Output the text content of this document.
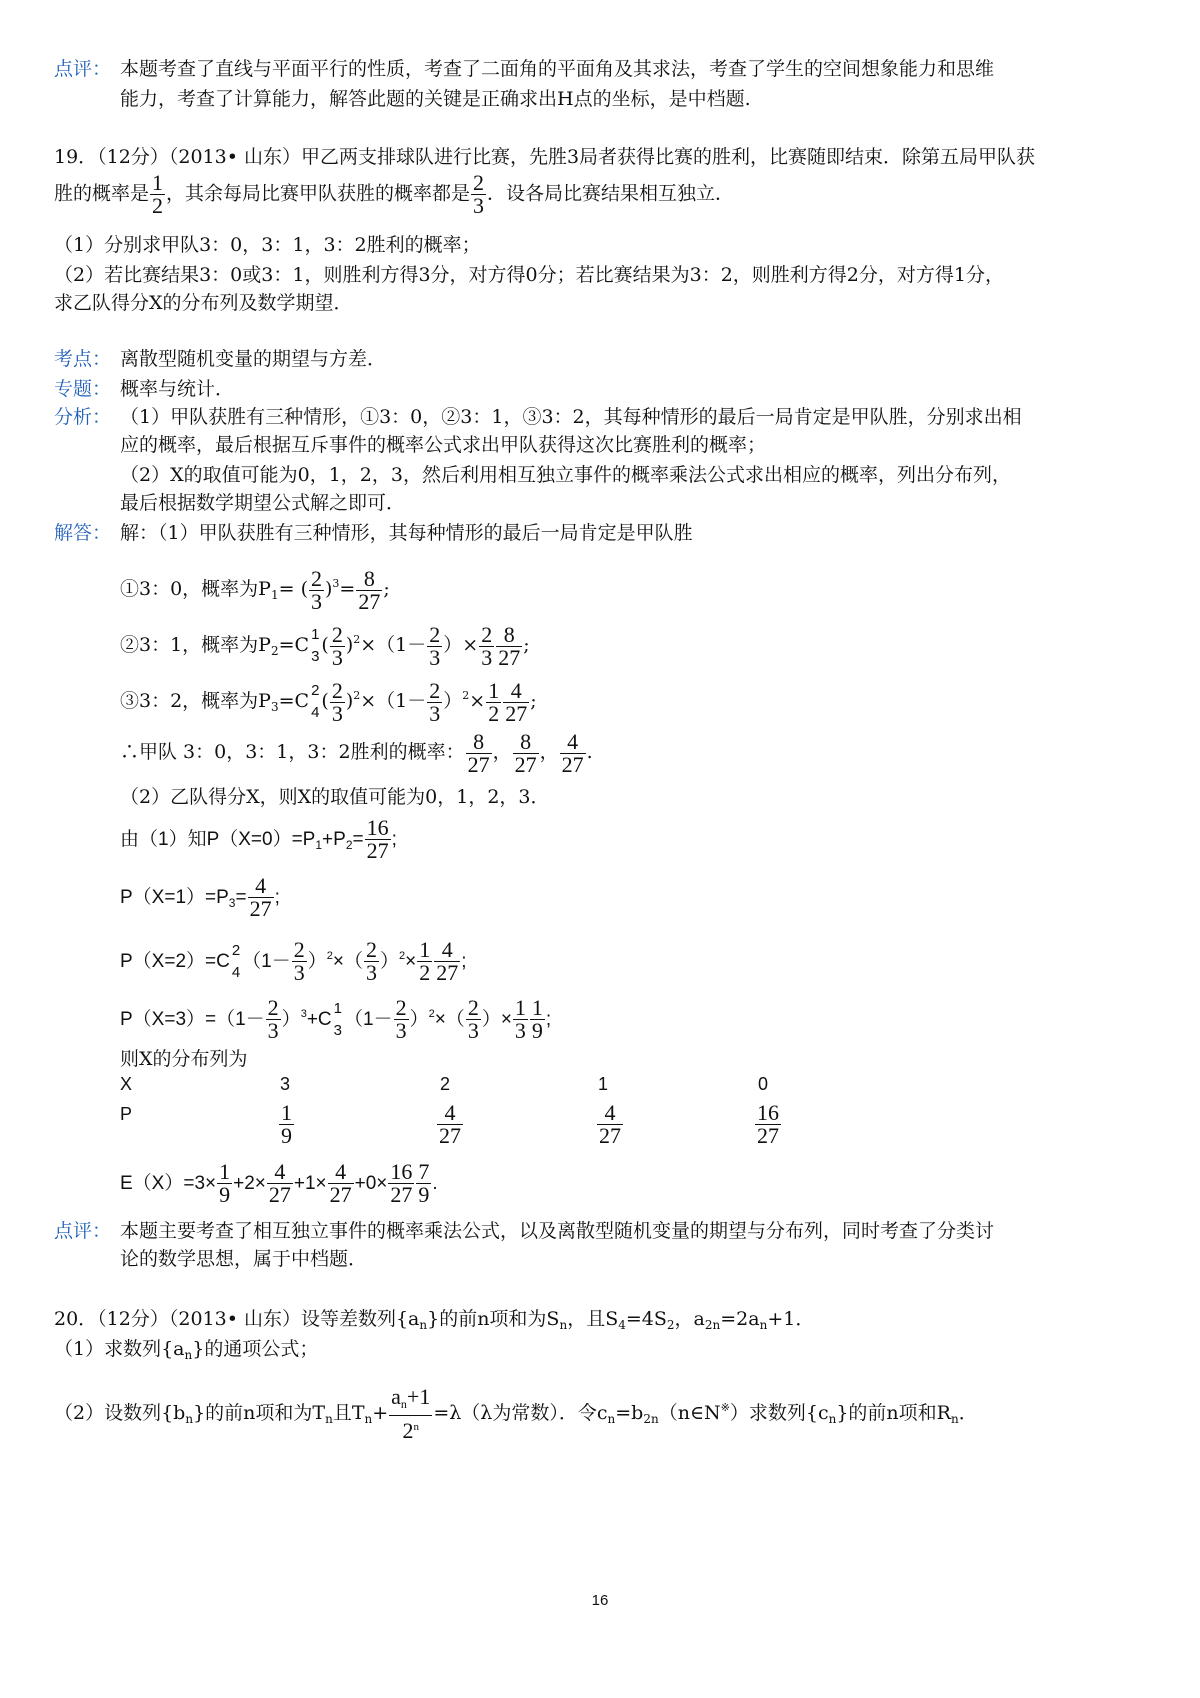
点评： 本题考查了直线与平面平行的性质，考查了二面角的平面角及其求法，考查了学生的空间想象能力和思维
能力，考查了计算能力，解答此题的关键是正确求出H点的坐标，是中档题.
19．（12分）（2013• 山东）甲乙两支排球队进行比赛，先胜3局者获得比赛的胜利，比赛随即结束．除第五局甲队获
胜的概率是 $\frac{1}{2}$ ，其余每局比赛甲队获胜的概率都是 $\frac{2}{3}$ ．设各局比赛结果相互独立．
（1）分别求甲队3：0，3：1，3：2胜利的概率；
（2）若比赛结果3：0或3：1，则胜利方得3分，对方得0分；若比赛结果为3：2，则胜利方得2分，对方得1分，
求乙队得分X的分布列及数学期望．
考点： 离散型随机变量的期望与方差．
专题： 概率与统计．
分析： （1）甲队获胜有三种情形，①3：0，②3：1，③3：2，其每种情形的最后一局肯定是甲队胜，分别求出相
应的概率，最后根据互斥事件的概率公式求出甲队获得这次比赛胜利的概率；
（2）X的取值可能为0，1，2，3，然后利用相互独立事件的概率乘法公式求出相应的概率，列出分布列，
最后根据数学期望公式解之即可．
解答： 解：（1）甲队获胜有三种情形，其每种情形的最后一局肯定是甲队胜
①3：0，概率为$P_1=$ ( $\frac{2}{3} )^3= \frac{8}{27}$ ;
②3：1，概率为$P_2=C$ 1
3
( $\frac{2}{3} )^2\times(1- \frac{2}{3}$ ）× $\frac{2}{3} \frac{8}{27}$ ;
③3：2，概率为$P_3=C$ 2
4
( $\frac{2}{3} )^2\times(1- \frac{2}{3} )^2\times \frac{1}{2} \frac{4}{27}$ ;
∴甲队 3：0，3：1，3：2胜利的概率： $\frac{8}{27}$ ， $\frac{8}{27}$ ， $\frac{4}{27}$ .
（2）乙队得分X，则X的取值可能为0，1，2，3．
由（1）知$P(X=0)=P_1+P_2= \frac{16}{27}$ ;
$P(X=1)=P_3= \frac{4}{27}$ ;
P（X=2）=C
2
4
$(1- \frac{2}{3} )^2\times( \frac{2}{3} )^2\times \frac{1}{2} \frac{4}{27}$ ;
$P(X=3)=(1- \frac{2}{3} )^3+C$
1
3
$(1- \frac{2}{3} )^2\times( \frac{2}{3}$ ）× $\frac{1}{3} \frac{1}{9}$ ;
则X的分布列为
X	3	2	1	0
P	$\frac{1}{9}$	$\frac{4}{27}$	$\frac{4}{27}$	$\frac{16}{27}$
$E(X)=3\times \frac{1}{9} +2\times \frac{4}{27} +1\times \frac{4}{27} +0\times \frac{16}{27} \frac{7}{9}$ .
点评： 本题主要考查了相互独立事件的概率乘法公式，以及离散型随机变量的期望与分布列，同时考查了分类讨
论的数学思想，属于中档题．
20．（12分）（2013• 山东）设等差数列$\{a_n\}$的前n项和为$S_n$，且$S_4=4S_2$，$a_{2n}=2a_n+1$．
（1）求数列$\{a_n\}$的通项公式；
（2）设数列$\{b_n\}$的前n项和为$T_n$且$T_n+ \frac{a_n+1}{2^n} =\lambda(\lambda$为常数）．令$c_n=b_{2n}(n\in N^※)$求数列$\{c_n\}$的前n项和$R_n$．
16
